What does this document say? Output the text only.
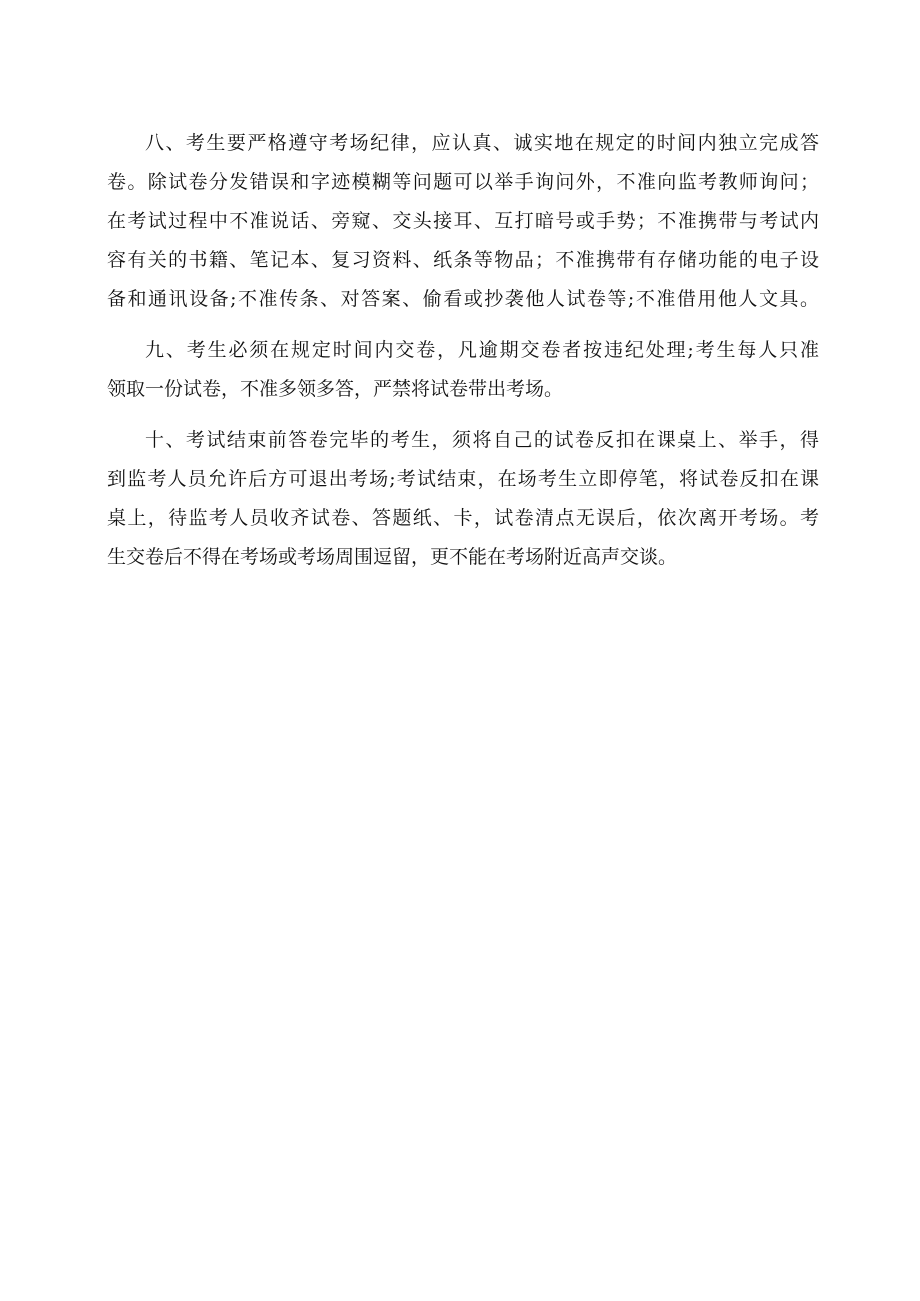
八、考生要严格遵守考场纪律，应认真、诚实地在规定的时间内独立完成答
卷。除试卷分发错误和字迹模糊等问题可以举手询问外，不准向监考教师询问；
在考试过程中不准说话、旁窥、交头接耳、互打暗号或手势；不准携带与考试内
容有关的书籍、笔记本、复习资料、纸条等物品；不准携带有存储功能的电子设
备和通讯设备;不准传条、对答案、偷看或抄袭他人试卷等;不准借用他人文具。
九、考生必须在规定时间内交卷，凡逾期交卷者按违纪处理;考生每人只准
领取一份试卷，不准多领多答，严禁将试卷带出考场。
十、考试结束前答卷完毕的考生，须将自己的试卷反扣在课桌上、举手，得
到监考人员允许后方可退出考场;考试结束，在场考生立即停笔，将试卷反扣在课
桌上，待监考人员收齐试卷、答题纸、卡，试卷清点无误后，依次离开考场。考
生交卷后不得在考场或考场周围逗留，更不能在考场附近高声交谈。
